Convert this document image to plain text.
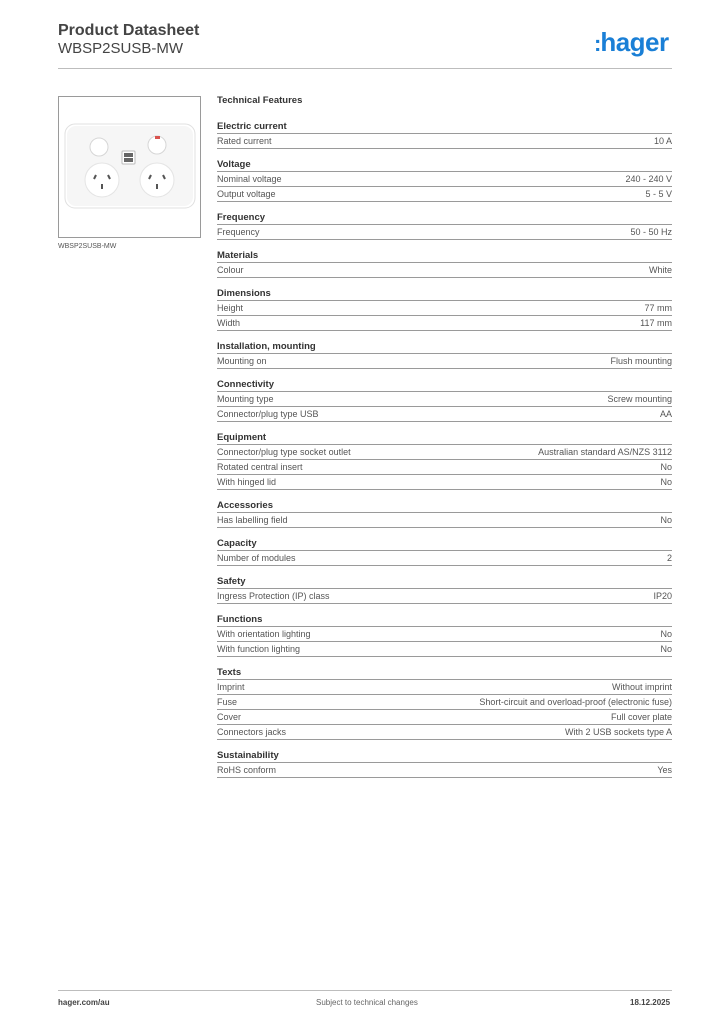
Product Datasheet
WBSP2SUSB-MW	:hager
WBSP2SUSB-MW
Technical Features
Electric current
Rated current	10 A
Voltage
Nominal voltage	240 - 240 V
Output voltage	5 - 5 V
Frequency
Frequency	50 - 50 Hz
Materials
Colour	White
Dimensions
Height	77 mm
Width	117 mm
Installation, mounting
Mounting on	Flush mounting
Connectivity
Mounting type	Screw mounting
Connector/plug type USB	AA
Equipment
Connector/plug type socket outlet	Australian standard AS/NZS 3112
Rotated central insert	No
With hinged lid	No
Accessories
Has labelling field	No
Capacity
Number of modules	2
Safety
Ingress Protection (IP) class	IP20
Functions
With orientation lighting	No
With function lighting	No
Texts
Imprint	Without imprint
Fuse	Short-circuit and overload-proof (electronic fuse)
Cover	Full cover plate
Connectors jacks	With 2 USB sockets type A
Sustainability
RoHS conform	Yes
hager.com/au	Subject to technical changes	18.12.2025
